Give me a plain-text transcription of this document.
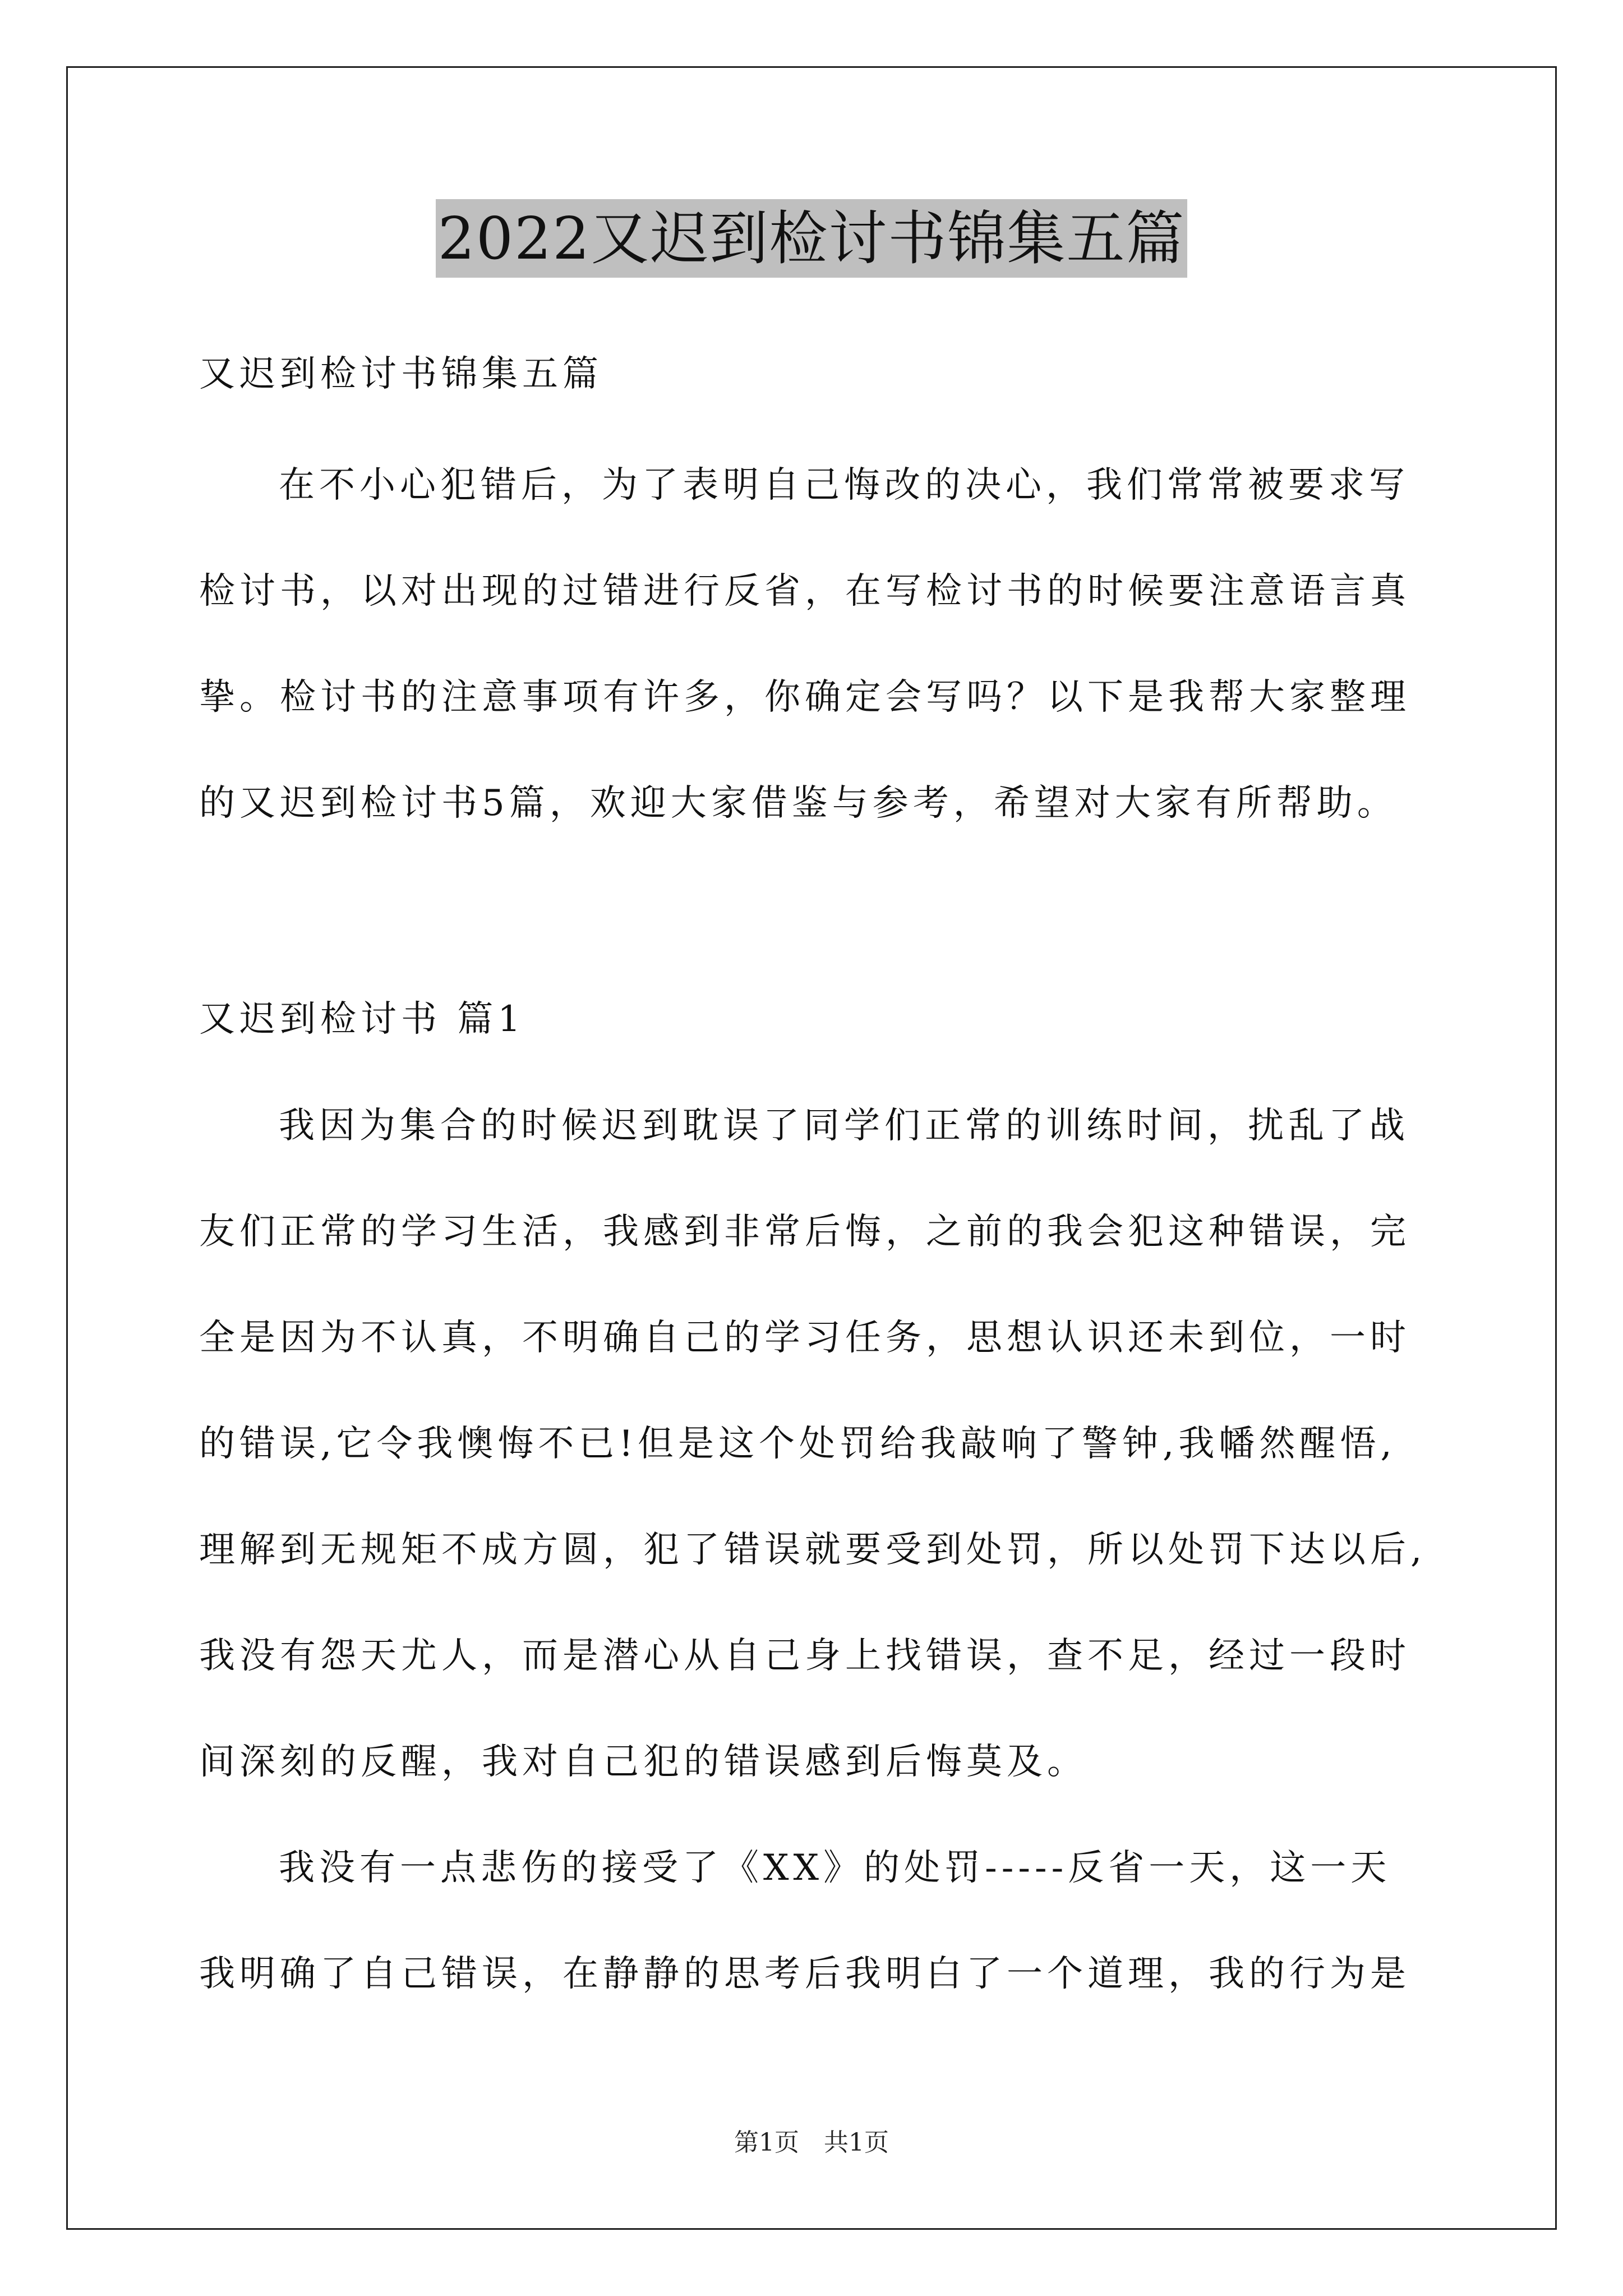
2022又迟到检讨书锦集五篇
又迟到检讨书锦集五篇
在不小心犯错后，为了表明自己悔改的决心，我们常常被要求写
检讨书，以对出现的过错进行反省，在写检讨书的时候要注意语言真
挚。检讨书的注意事项有许多，你确定会写吗？以下是我帮大家整理
的又迟到检讨书5篇，欢迎大家借鉴与参考，希望对大家有所帮助。
又迟到检讨书 篇1
我因为集合的时候迟到耽误了同学们正常的训练时间，扰乱了战
友们正常的学习生活，我感到非常后悔，之前的我会犯这种错误，完
全是因为不认真，不明确自己的学习任务，思想认识还未到位，一时
的错误,它令我懊悔不已!但是这个处罚给我敲响了警钟,我幡然醒悟,
理解到无规矩不成方圆，犯了错误就要受到处罚，所以处罚下达以后,
我没有怨天尤人，而是潜心从自己身上找错误，查不足，经过一段时
间深刻的反醒，我对自己犯的错误感到后悔莫及。
我没有一点悲伤的接受了《XX》的处罚-----反省一天，这一天
我明确了自己错误，在静静的思考后我明白了一个道理，我的行为是
第1页　共1页
